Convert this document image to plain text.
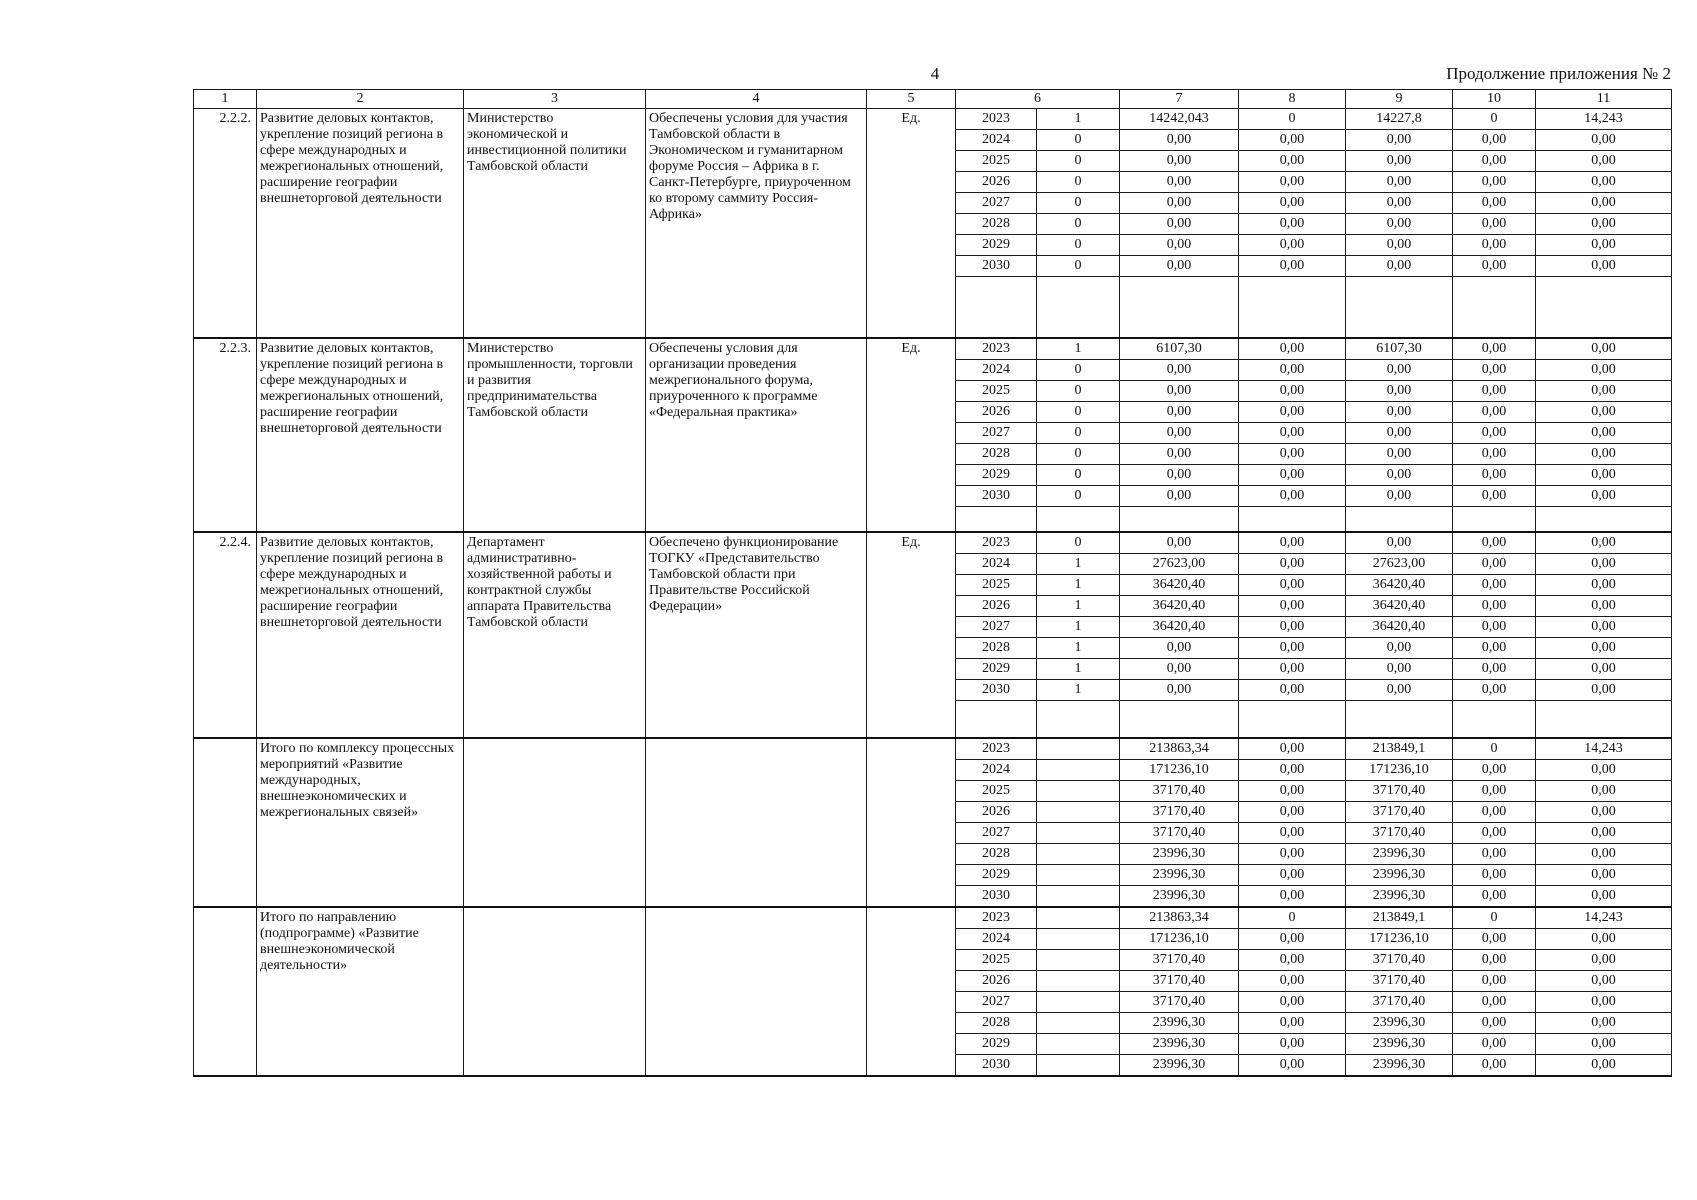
4	Продолжение приложения № 2
1	2	3	4	5	6		7	8	9	10	11
2.2.2.	Развитие деловых контактов, укрепление позиций региона в сфере международных и межрегиональных отношений, расширение географии внешнеторговой деятельности	Министерство экономической и инвестиционной политики Тамбовской области	Обеспечены условия для участия Тамбовской области в Экономическом и гуманитарном форуме Россия – Африка в г. Санкт-Петербурге, приуроченном ко второму саммиту Россия-Африка»	Ед.	2023	1	14242,043	0	14227,8	0	14,243
					2024	0	0,00	0,00	0,00	0,00	0,00
					2025	0	0,00	0,00	0,00	0,00	0,00
					2026	0	0,00	0,00	0,00	0,00	0,00
					2027	0	0,00	0,00	0,00	0,00	0,00
					2028	0	0,00	0,00	0,00	0,00	0,00
					2029	0	0,00	0,00	0,00	0,00	0,00
					2030	0	0,00	0,00	0,00	0,00	0,00

2.2.3.	Развитие деловых контактов, укрепление позиций региона в сфере международных и межрегиональных отношений, расширение географии внешнеторговой деятельности	Министерство промышленности, торговли и развития предпринимательства Тамбовской области	Обеспечены условия для организации проведения межрегионального форума, приуроченного к программе «Федеральная практика»	Ед.	2023	1	6107,30	0,00	6107,30	0,00	0,00
					2024	0	0,00	0,00	0,00	0,00	0,00
					2025	0	0,00	0,00	0,00	0,00	0,00
					2026	0	0,00	0,00	0,00	0,00	0,00
					2027	0	0,00	0,00	0,00	0,00	0,00
					2028	0	0,00	0,00	0,00	0,00	0,00
					2029	0	0,00	0,00	0,00	0,00	0,00
					2030	0	0,00	0,00	0,00	0,00	0,00

2.2.4.	Развитие деловых контактов, укрепление позиций региона в сфере международных и межрегиональных отношений, расширение географии внешнеторговой деятельности	Департамент административно-хозяйственной работы и контрактной службы аппарата Правительства Тамбовской области	Обеспечено функционирование ТОГКУ «Представительство Тамбовской области при Правительстве Российской Федерации»	Ед.	2023	0	0,00	0,00	0,00	0,00	0,00
					2024	1	27623,00	0,00	27623,00	0,00	0,00
					2025	1	36420,40	0,00	36420,40	0,00	0,00
					2026	1	36420,40	0,00	36420,40	0,00	0,00
					2027	1	36420,40	0,00	36420,40	0,00	0,00
					2028	1	0,00	0,00	0,00	0,00	0,00
					2029	1	0,00	0,00	0,00	0,00	0,00
					2030	1	0,00	0,00	0,00	0,00	0,00

	Итого по комплексу процессных мероприятий «Развитие международных, внешнеэкономических и межрегиональных связей»				2023		213863,34	0,00	213849,1	0	14,243
					2024		171236,10	0,00	171236,10	0,00	0,00
					2025		37170,40	0,00	37170,40	0,00	0,00
					2026		37170,40	0,00	37170,40	0,00	0,00
					2027		37170,40	0,00	37170,40	0,00	0,00
					2028		23996,30	0,00	23996,30	0,00	0,00
					2029		23996,30	0,00	23996,30	0,00	0,00
					2030		23996,30	0,00	23996,30	0,00	0,00
	Итого по направлению (подпрограмме) «Развитие внешнеэкономической деятельности»				2023		213863,34	0	213849,1	0	14,243
					2024		171236,10	0,00	171236,10	0,00	0,00
					2025		37170,40	0,00	37170,40	0,00	0,00
					2026		37170,40	0,00	37170,40	0,00	0,00
					2027		37170,40	0,00	37170,40	0,00	0,00
					2028		23996,30	0,00	23996,30	0,00	0,00
					2029		23996,30	0,00	23996,30	0,00	0,00
					2030		23996,30	0,00	23996,30	0,00	0,00
